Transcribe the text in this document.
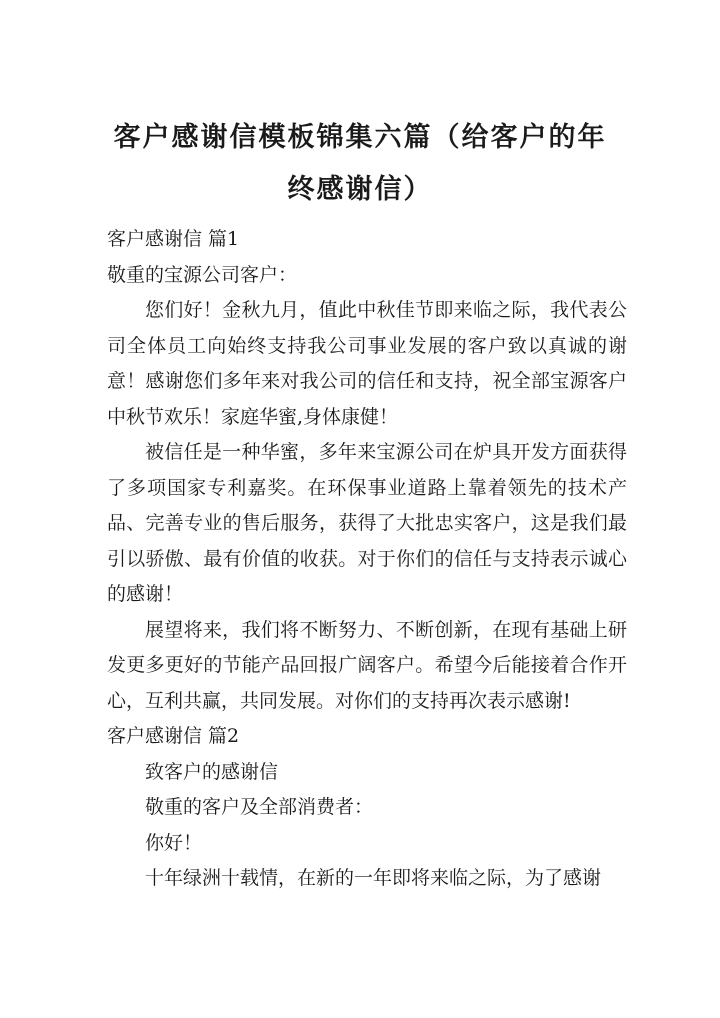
客户感谢信模板锦集六篇（给客户的年终感谢信）
客户感谢信 篇1
敬重的宝源公司客户：

您们好！金秋九月，值此中秋佳节即来临之际，我代表公司全体员工向始终支持我公司事业发展的客户致以真诚的谢意！感谢您们多年来对我公司的信任和支持，祝全部宝源客户中秋节欢乐！家庭华蜜,身体康健！

被信任是一种华蜜，多年来宝源公司在炉具开发方面获得了多项国家专利嘉奖。在环保事业道路上靠着领先的技术产品、完善专业的售后服务，获得了大批忠实客户，这是我们最引以骄傲、最有价值的收获。对于你们的信任与支持表示诚心的感谢！

展望将来，我们将不断努力、不断创新，在现有基础上研发更多更好的节能产品回报广阔客户。希望今后能接着合作开心，互利共赢，共同发展。对你们的支持再次表示感谢!

客户感谢信 篇2
致客户的感谢信
敬重的客户及全部消费者：
你好！
十年绿洲十载情，在新的一年即将来临之际，为了感谢
